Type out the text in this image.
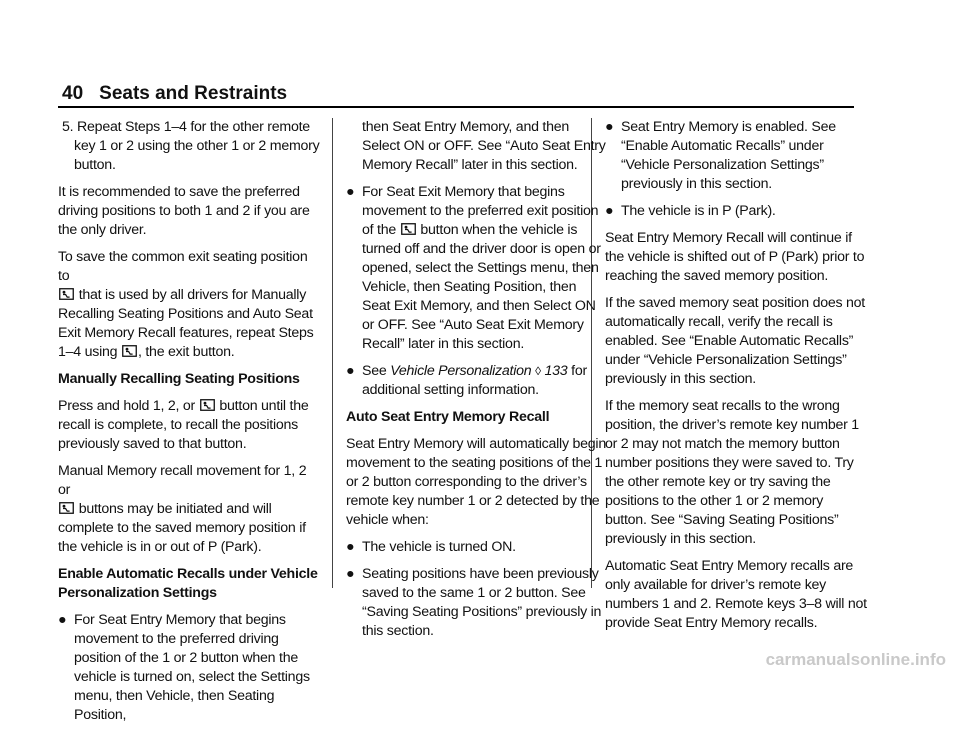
40 Seats and Restraints

5. Repeat Steps 1–4 for the other remote key 1 or 2 using the other 1 or 2 memory button.

It is recommended to save the preferred driving positions to both 1 and 2 if you are the only driver.

To save the common exit seating position to

that is used by all drivers for Manually Recalling Seating Positions and Auto Seat Exit Memory Recall features, repeat Steps 1–4 using , the exit button.

Manually Recalling Seating Positions

Press and hold 1, 2, or button until the recall is complete, to recall the positions previously saved to that button.

Manual Memory recall movement for 1, 2 or

buttons may be initiated and will complete to the saved memory position if the vehicle is in or out of P (Park).

Enable Automatic Recalls under Vehicle Personalization Settings

● For Seat Entry Memory that begins movement to the preferred driving position of the 1 or 2 button when the vehicle is turned on, select the Settings menu, then Vehicle, then Seating Position,

then Seat Entry Memory, and then Select ON or OFF. See “Auto Seat Entry Memory Recall” later in this section.

● For Seat Exit Memory that begins movement to the preferred exit position of the button when the vehicle is turned off and the driver door is open or opened, select the Settings menu, then Vehicle, then Seating Position, then Seat Exit Memory, and then Select ON or OFF. See “Auto Seat Exit Memory Recall” later in this section.
● See Vehicle Personalization ◊ 133 for additional setting information.

Auto Seat Entry Memory Recall

Seat Entry Memory will automatically begin movement to the seating positions of the 1 or 2 button corresponding to the driver’s remote key number 1 or 2 detected by the vehicle when:

● The vehicle is turned ON.
● Seating positions have been previously saved to the same 1 or 2 button. See “Saving Seating Positions” previously in this section.
● Seat Entry Memory is enabled. See “Enable Automatic Recalls” under “Vehicle Personalization Settings” previously in this section.
● The vehicle is in P (Park).

Seat Entry Memory Recall will continue if the vehicle is shifted out of P (Park) prior to reaching the saved memory position.

If the saved memory seat position does not automatically recall, verify the recall is enabled. See “Enable Automatic Recalls” under “Vehicle Personalization Settings” previously in this section.

If the memory seat recalls to the wrong position, the driver’s remote key number 1 or 2 may not match the memory button number positions they were saved to. Try the other remote key or try saving the positions to the other 1 or 2 memory button. See “Saving Seating Positions” previously in this section.

Automatic Seat Entry Memory recalls are only available for driver’s remote key numbers 1 and 2. Remote keys 3–8 will not provide Seat Entry Memory recalls.

carmanualsonline.info
